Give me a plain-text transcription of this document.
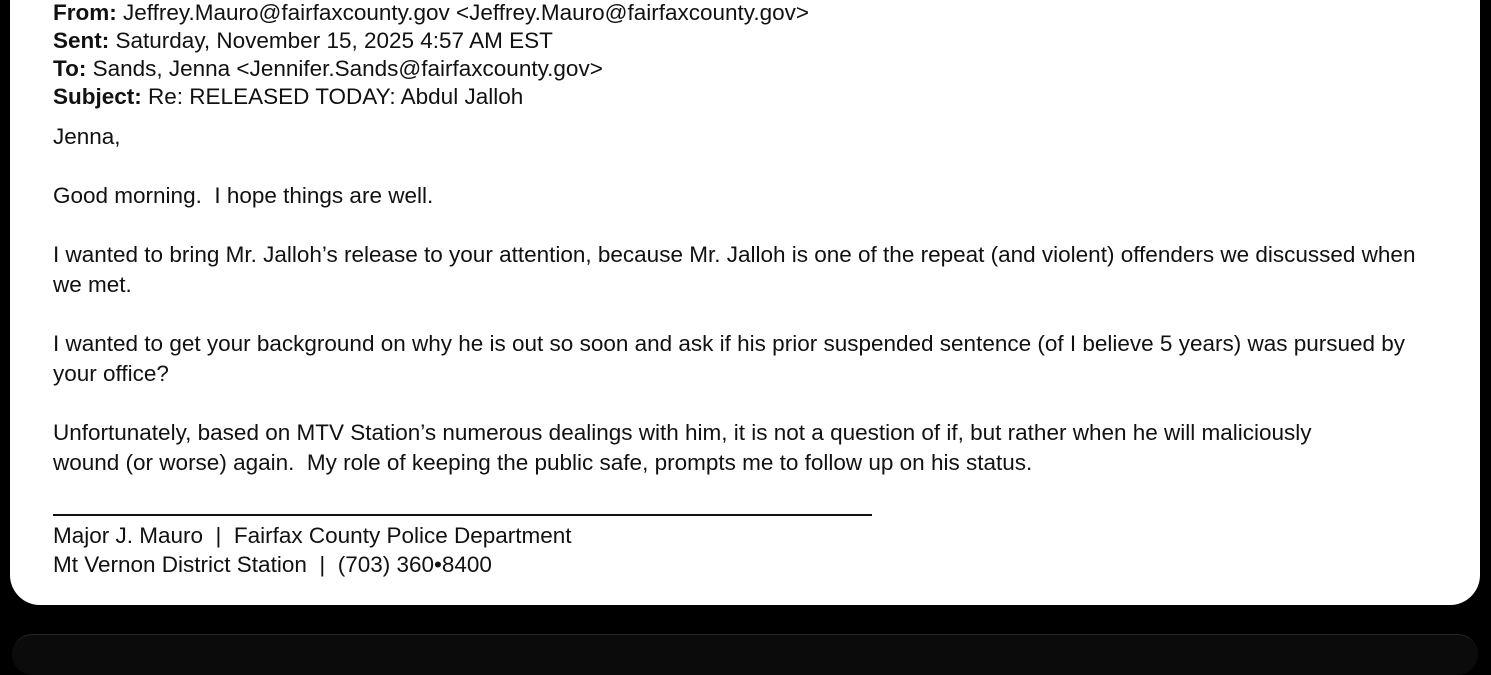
From: Jeffrey.Mauro@fairfaxcounty.gov <Jeffrey.Mauro@fairfaxcounty.gov>
Sent: Saturday, November 15, 2025 4:57 AM EST
To: Sands, Jenna <Jennifer.Sands@fairfaxcounty.gov>
Subject: Re: RELEASED TODAY: Abdul Jalloh
Jenna,
Good morning.  I hope things are well.
I wanted to bring Mr. Jalloh’s release to your attention, because Mr. Jalloh is one of the repeat (and violent) offenders we discussed when we met.
I wanted to get your background on why he is out so soon and ask if his prior suspended sentence (of I believe 5 years) was pursued by your office?
Unfortunately, based on MTV Station’s numerous dealings with him, it is not a question of if, but rather when he will maliciously wound (or worse) again.  My role of keeping the public safe, prompts me to follow up on his status.
Major J. Mauro  |  Fairfax County Police Department
Mt Vernon District Station  |  (703) 360•8400
